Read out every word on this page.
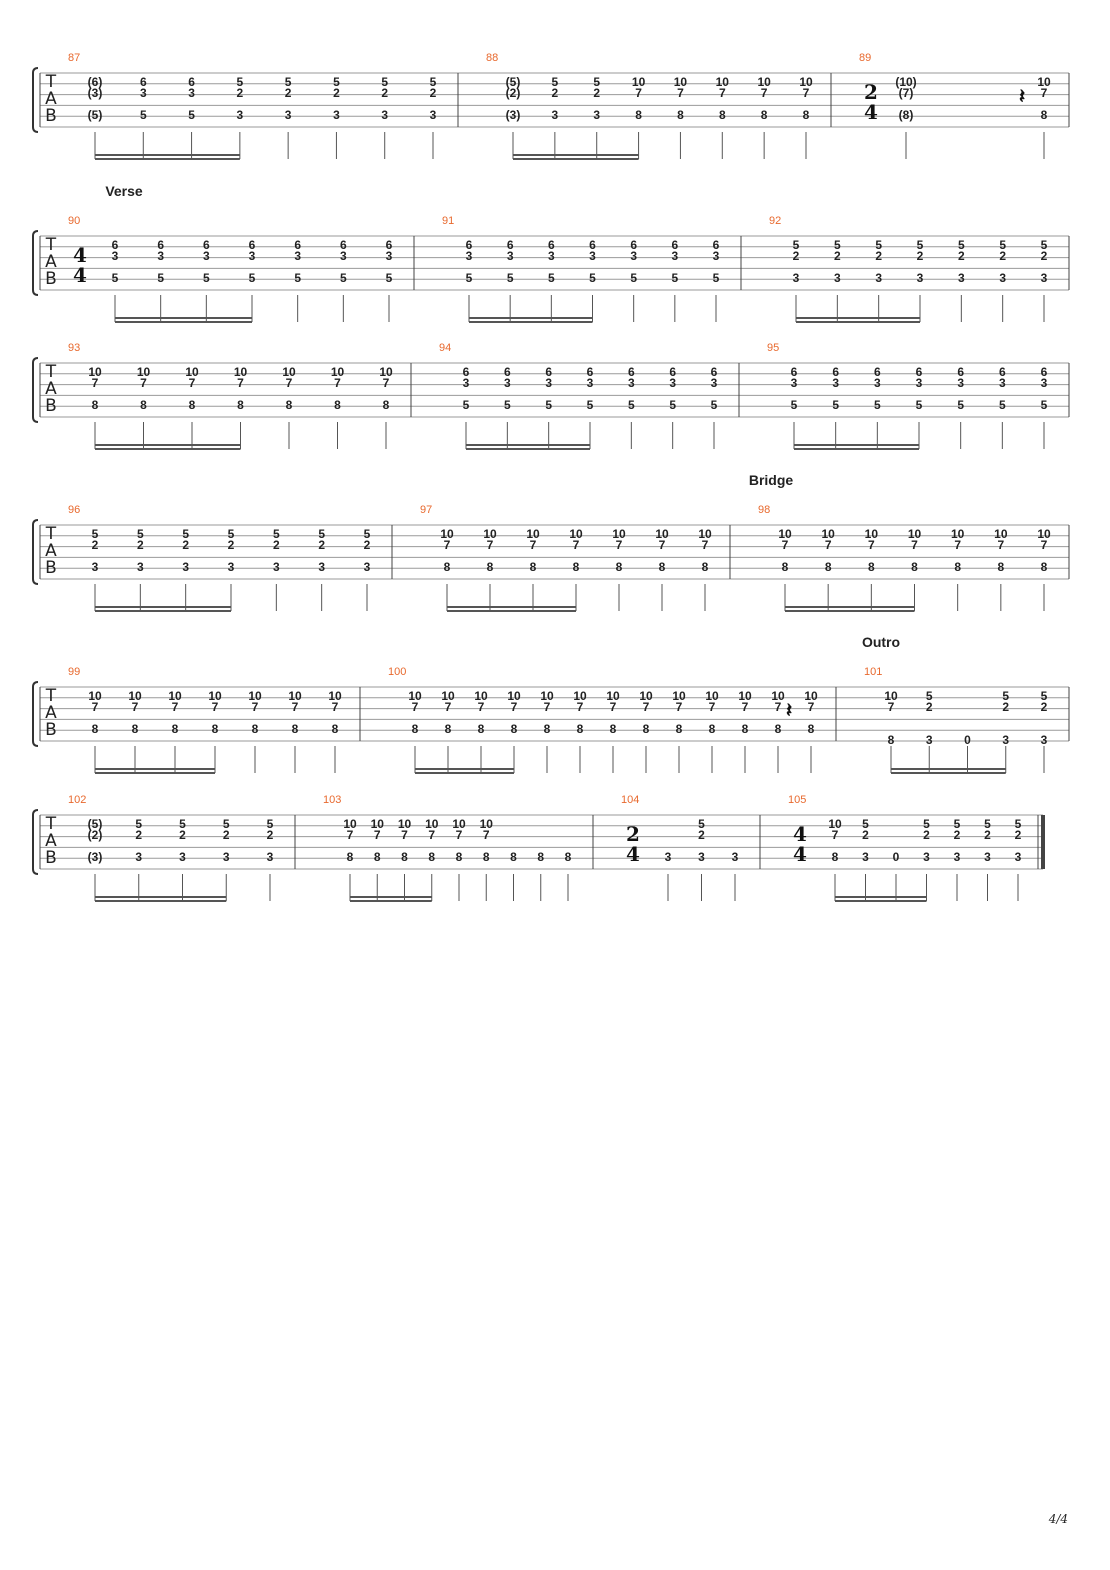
T
A
B
87
(6)
(3)
(5)
6
3
5
6
3
5
5
2
3
5
2
3
5
2
3
5
2
3
5
2
3
88
(5)
(2)
(3)
5
2
3
5
2
3
10
7
8
10
7
8
10
7
8
10
7
8
10
7
8
89
2
4
(10)
(7)
(8)
10
7
8
𝄽
T
A
B
Verse
90
4
4
6
3
5
6
3
5
6
3
5
6
3
5
6
3
5
6
3
5
6
3
5
91
6
3
5
6
3
5
6
3
5
6
3
5
6
3
5
6
3
5
6
3
5
92
5
2
3
5
2
3
5
2
3
5
2
3
5
2
3
5
2
3
5
2
3
T
A
B
93
10
7
8
10
7
8
10
7
8
10
7
8
10
7
8
10
7
8
10
7
8
94
6
3
5
6
3
5
6
3
5
6
3
5
6
3
5
6
3
5
6
3
5
95
6
3
5
6
3
5
6
3
5
6
3
5
6
3
5
6
3
5
6
3
5
T
A
B
Bridge
96
5
2
3
5
2
3
5
2
3
5
2
3
5
2
3
5
2
3
5
2
3
97
10
7
8
10
7
8
10
7
8
10
7
8
10
7
8
10
7
8
10
7
8
98
10
7
8
10
7
8
10
7
8
10
7
8
10
7
8
10
7
8
10
7
8
T
A
B
Outro
99
10
7
8
10
7
8
10
7
8
10
7
8
10
7
8
10
7
8
10
7
8
100
10
7
8
10
7
8
10
7
8
10
7
8
10
7
8
10
7
8
10
7
8
10
7
8
10
7
8
10
7
8
10
7
8
10
7
8
10
7
8
𝄽
101
10
7
8
5
2
3	0
5
2
3
5
2
3
T
A
B
102
(5)
(2)
(3)
5
2
3
5
2
3
5
2
3
5
2
3
103
10
7
8
10
7
8
10
7
8
10
7
8
10
7
8
10
7
8 8 8 8
104
2
4 3
5
2
3 3
105
4
4
10
7
8
5
2
3 0
5
2
3
5
2
3
5
2
3
5
2
3
4/4
